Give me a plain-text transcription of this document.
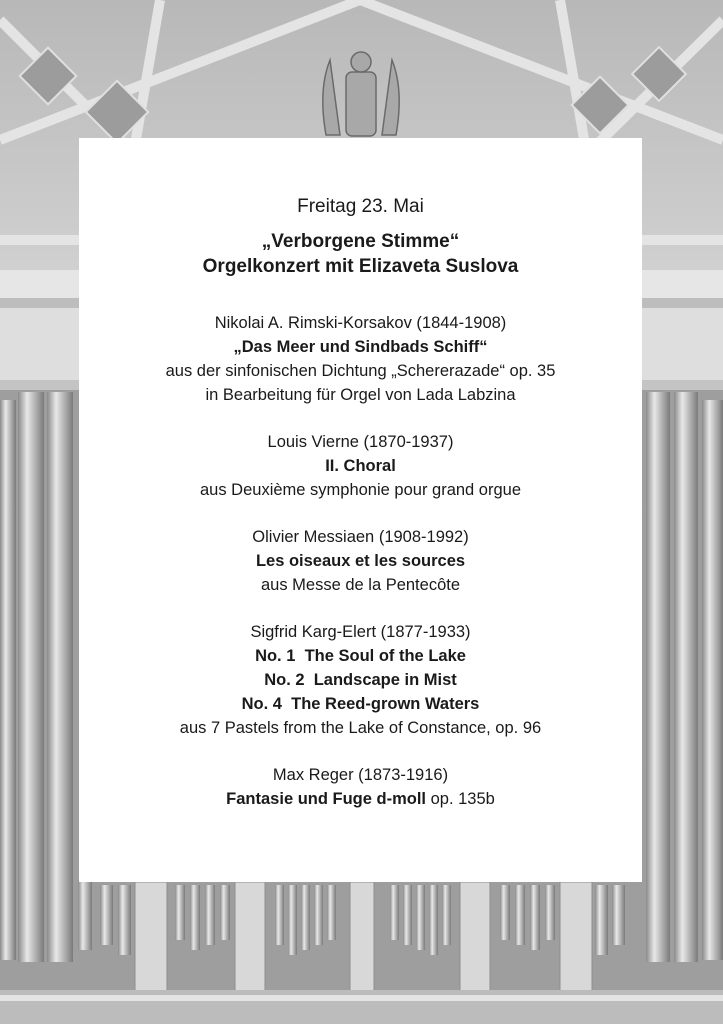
Freitag 23. Mai

„Verborgene Stimme“

Orgelkonzert mit Elizaveta Suslova

Nikolai A. Rimski-Korsakov (1844-1908)
„Das Meer und Sindbads Schiff“
aus der sinfonischen Dichtung „Schererazade“ op. 35
in Bearbeitung für Orgel von Lada Labzina
Louis Vierne (1870-1937)
II. Choral
aus Deuxième symphonie pour grand orgue
Olivier Messiaen (1908-1992)
Les oiseaux et les sources
aus Messe de la Pentecôte
Sigfrid Karg-Elert (1877-1933)
No. 1  The Soul of the Lake
No. 2  Landscape in Mist
No. 4  The Reed-grown Waters
aus 7 Pastels from the Lake of Constance, op. 96
Max Reger (1873-1916)
Fantasie und Fuge d-moll op. 135b
